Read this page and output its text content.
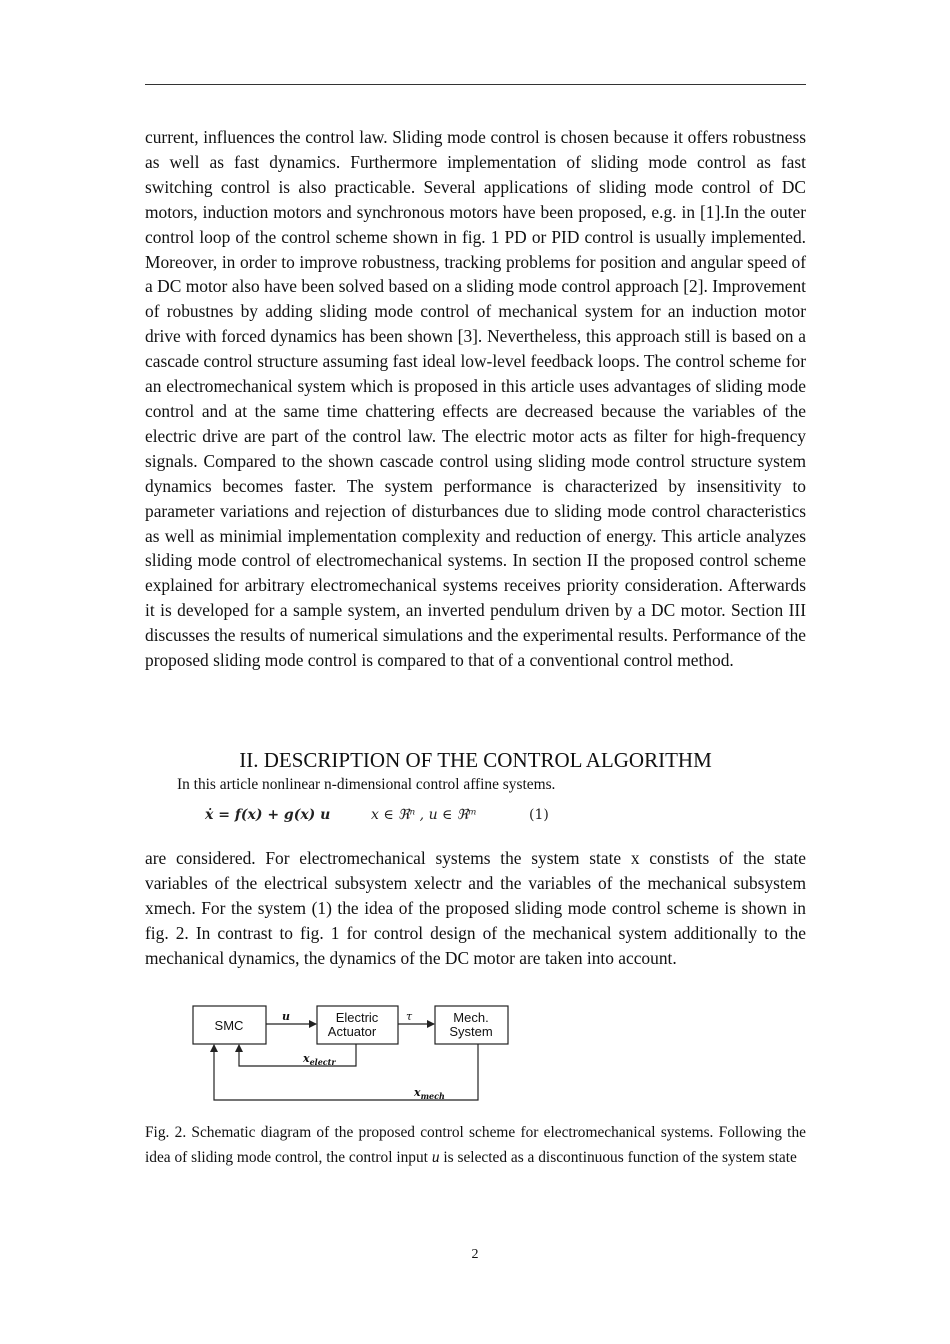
current, influences the control law. Sliding mode control is chosen because it offers robustness as well as fast dynamics. Furthermore implementation of sliding mode control as fast switching control is also practicable. Several applications of sliding mode control of DC motors, induction motors and synchronous motors have been proposed, e.g. in [1].In the outer control loop of the control scheme shown in fig. 1 PD or PID control is usually implemented. Moreover, in order to improve robustness, tracking problems for position and angular speed of a DC motor also have been solved based on a sliding mode control approach [2]. Improvement of robustnes by adding sliding mode control of mechanical system for an induction motor drive with forced dynamics has been shown [3]. Nevertheless, this approach still is based on a cascade control structure assuming fast ideal low-level feedback loops. The control scheme for an electromechanical system which is proposed in this article uses advantages of sliding mode control and at the same time chattering effects are decreased because the variables of the electric drive are part of the control law. The electric motor acts as filter for high-frequency signals. Compared to the shown cascade control using sliding mode control structure system dynamics becomes faster. The system performance is characterized by insensitivity to parameter variations and rejection of disturbances due to sliding mode control characteristics as well as minimial implementation complexity and reduction of energy. This article analyzes sliding mode control of electromechanical systems. In section II the proposed control scheme explained for arbitrary electromechanical systems receives priority consideration. Afterwards it is developed for a sample system, an inverted pendulum driven by a DC motor. Section III discusses the results of numerical simulations and the experimental results. Performance of the proposed sliding mode control is compared to that of a conventional control method.

II. DESCRIPTION OF THE CONTROL ALGORITHM

In this article nonlinear n-dimensional control affine systems.

ẋ = f(x) + g(x) u	x ∈ ℜⁿ , u ∈ ℜᵐ	(1)

are considered. For electromechanical systems the system state x constists of the state variables of the electrical subsystem xelectr and the variables of the mechanical subsystem xmech. For the system (1) the idea of the proposed sliding mode control scheme is shown in fig. 2. In contrast to fig. 1 for control design of the mechanical system additionally to the mechanical dynamics, the dynamics of the DC motor are taken into account.

SMC
Electric
Actuator
Mech.
System
u	τ
$x_{electr}$
$x_{mech}$

Fig. 2. Schematic diagram of the proposed control scheme for electromechanical systems. Following the idea of sliding mode control, the control input u is selected as a discontinuous function of the system state

2
